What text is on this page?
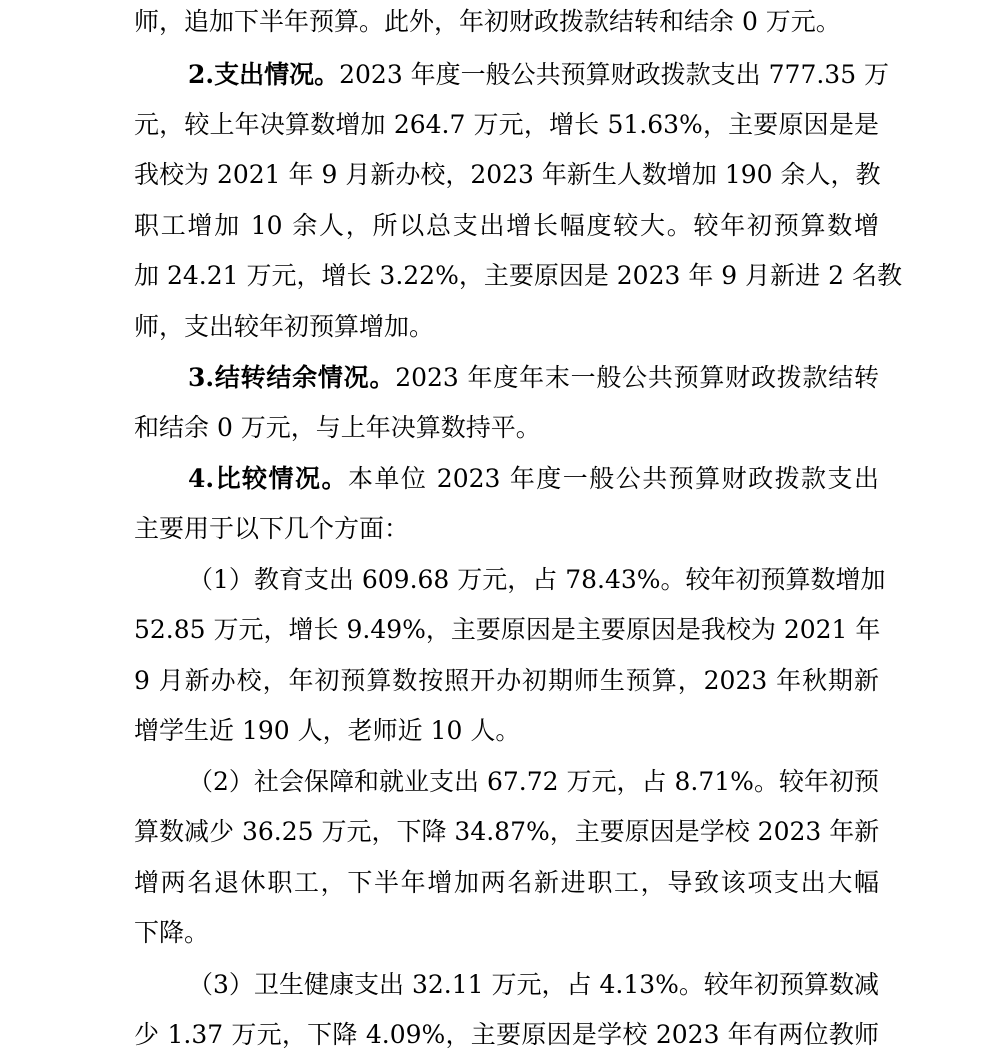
师，追加下半年预算。此外，年初财政拨款结转和结余 0 万元。
2.支出情况。2023 年度一般公共预算财政拨款支出 777.35 万
元，较上年决算数增加 264.7 万元，增长 51.63%，主要原因是是
我校为 2021 年 9 月新办校，2023 年新生人数增加 190 余人，教
职工增加 10 余人，所以总支出增长幅度较大。较年初预算数增
加 24.21 万元，增长 3.22%，主要原因是 2023 年 9 月新进 2 名教
师，支出较年初预算增加。
3.结转结余情况。2023 年度年末一般公共预算财政拨款结转
和结余 0 万元，与上年决算数持平。
4.比较情况。本单位 2023 年度一般公共预算财政拨款支出
主要用于以下几个方面：
（1）教育支出 609.68 万元，占 78.43%。较年初预算数增加
52.85 万元，增长 9.49%，主要原因是主要原因是我校为 2021 年
9 月新办校，年初预算数按照开办初期师生预算，2023 年秋期新
增学生近 190 人，老师近 10 人。
（2）社会保障和就业支出 67.72 万元，占 8.71%。较年初预
算数减少 36.25 万元，下降 34.87%，主要原因是学校 2023 年新
增两名退休职工，下半年增加两名新进职工，导致该项支出大幅
下降。
（3）卫生健康支出 32.11 万元，占 4.13%。较年初预算数减
少 1.37 万元，下降 4.09%，主要原因是学校 2023 年有两位教师
